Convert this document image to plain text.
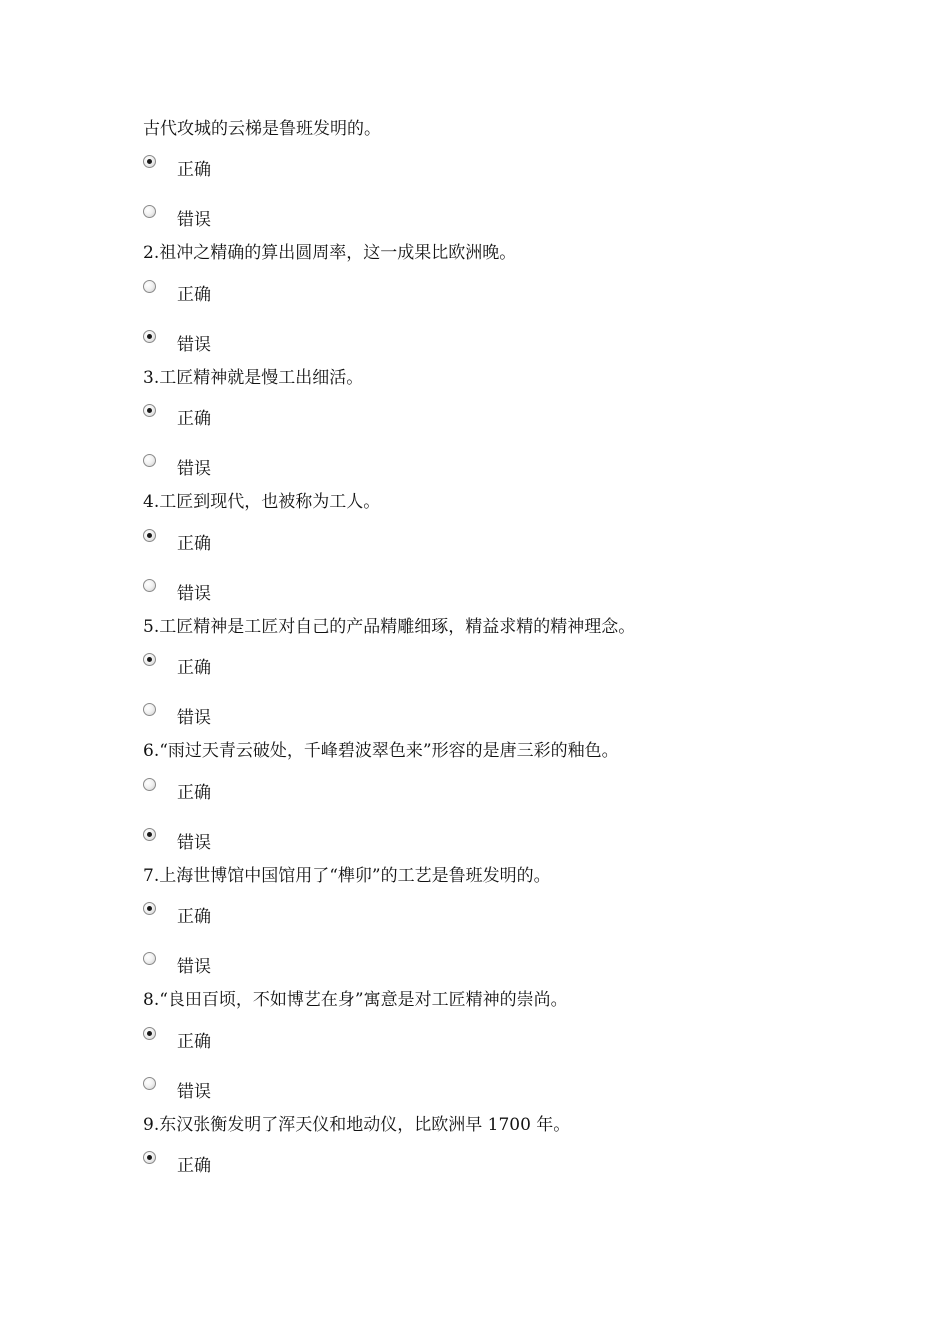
古代攻城的云梯是鲁班发明的。
正确
错误
2.祖冲之精确的算出圆周率，这一成果比欧洲晚。
正确
错误
3.工匠精神就是慢工出细活。
正确
错误
4.工匠到现代，也被称为工人。
正确
错误
5.工匠精神是工匠对自己的产品精雕细琢，精益求精的精神理念。
正确
错误
6.“雨过天青云破处，千峰碧波翠色来”形容的是唐三彩的釉色。
正确
错误
7.上海世博馆中国馆用了“榫卯”的工艺是鲁班发明的。
正确
错误
8.“良田百顷，不如博艺在身”寓意是对工匠精神的崇尚。
正确
错误
9.东汉张衡发明了浑天仪和地动仪，比欧洲早 1700 年。
正确
